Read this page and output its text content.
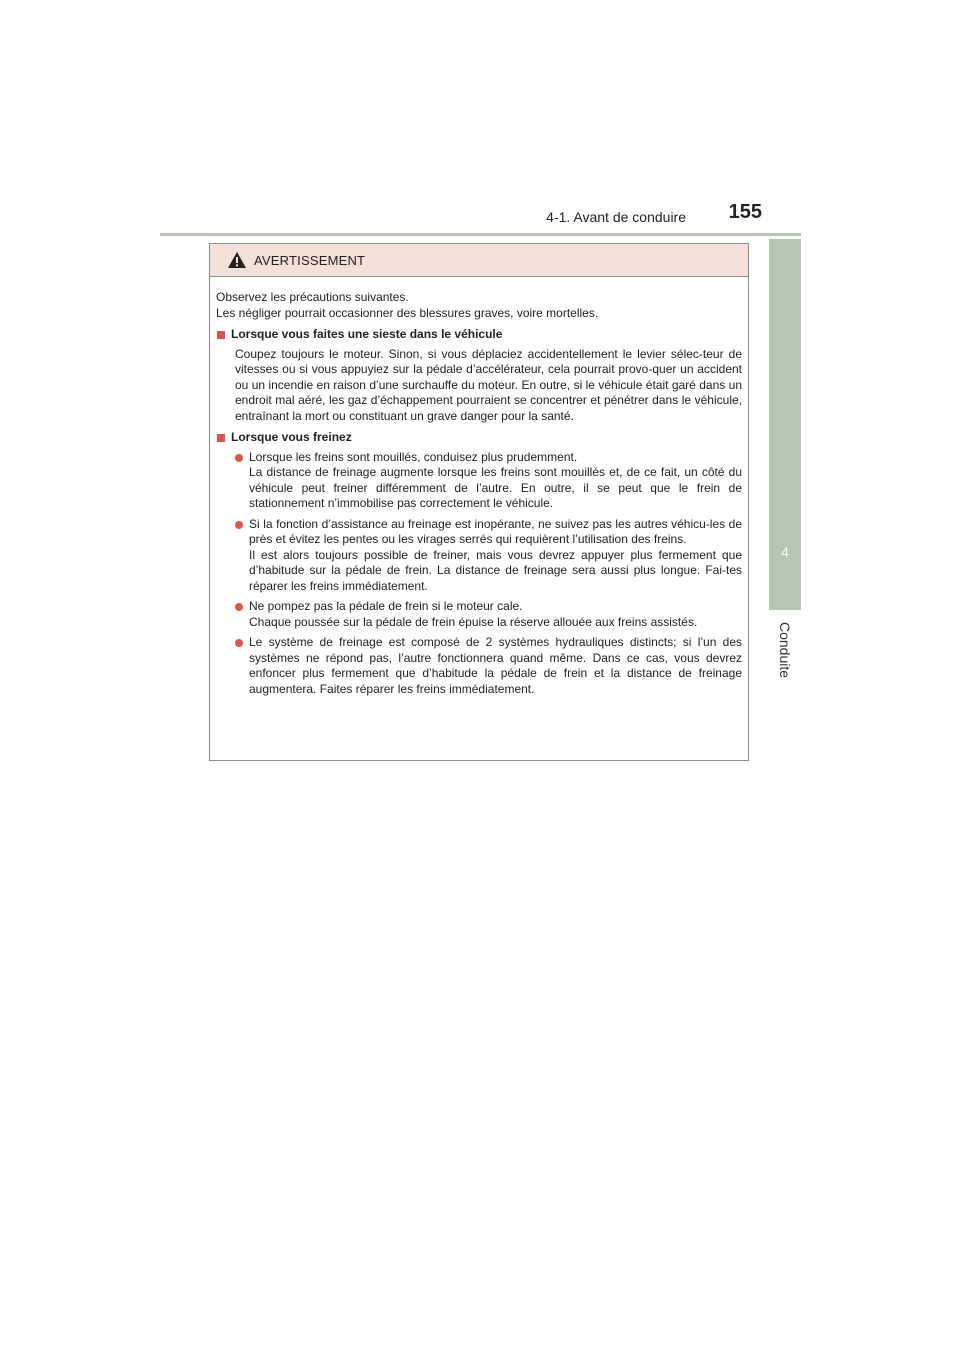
4-1. Avant de conduire	155
4
Conduite
AVERTISSEMENT

Observez les précautions suivantes.
Les négliger pourrait occasionner des blessures graves, voire mortelles.

Lorsque vous faites une sieste dans le véhicule

Coupez toujours le moteur. Sinon, si vous déplaciez accidentellement le levier sélec-teur de vitesses ou si vous appuyiez sur la pédale d’accélérateur, cela pourrait provo-quer un accident ou un incendie en raison d’une surchauffe du moteur. En outre, si le véhicule était garé dans un endroit mal aéré, les gaz d’échappement pourraient se concentrer et pénétrer dans le véhicule, entraînant la mort ou constituant un grave danger pour la santé.

Lorsque vous freinez
Lorsque les freins sont mouillés, conduisez plus prudemment.
La distance de freinage augmente lorsque les freins sont mouillés et, de ce fait, un côté du véhicule peut freiner différemment de l’autre. En outre, il se peut que le frein de stationnement n’immobilise pas correctement le véhicule.
Si la fonction d’assistance au freinage est inopérante, ne suivez pas les autres véhicu-les de près et évitez les pentes ou les virages serrés qui requièrent l’utilisation des freins.
Il est alors toujours possible de freiner, mais vous devrez appuyer plus fermement que d’habitude sur la pédale de frein. La distance de freinage sera aussi plus longue. Fai-tes réparer les freins immédiatement.
Ne pompez pas la pédale de frein si le moteur cale.
Chaque poussée sur la pédale de frein épuise la réserve allouée aux freins assistés.
Le système de freinage est composé de 2 systèmes hydrauliques distincts; si l’un des systèmes ne répond pas, l’autre fonctionnera quand même. Dans ce cas, vous devrez enfoncer plus fermement que d’habitude la pédale de frein et la distance de freinage augmentera. Faites réparer les freins immédiatement.
